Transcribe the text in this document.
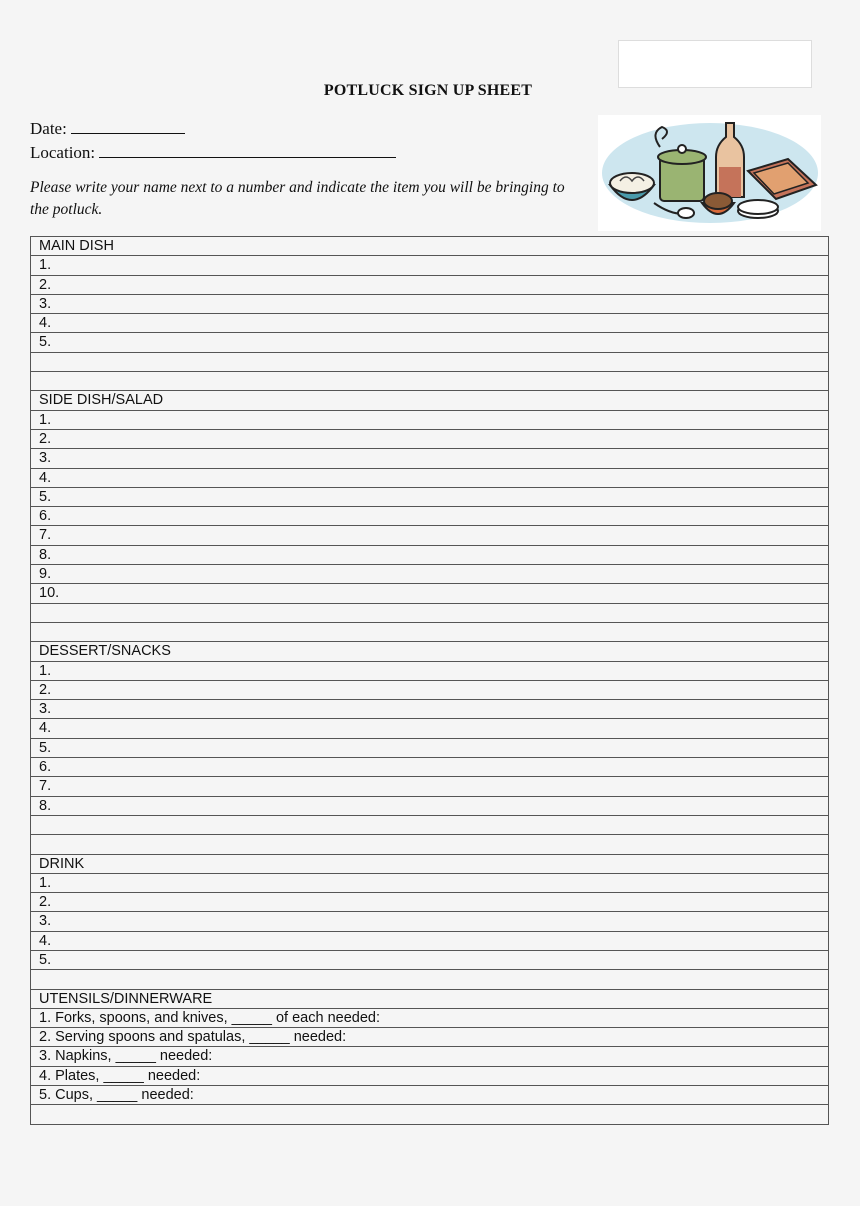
POTLUCK SIGN UP SHEET
Date:
Location:
Please write your name next to a number and indicate the item you will be bringing to the potluck.
MAIN DISH
1.
2.
3.
4.
5.
SIDE DISH/SALAD
1.
2.
3.
4.
5.
6.
7.
8.
9.
10.
DESSERT/SNACKS
1.
2.
3.
4.
5.
6.
7.
8.
DRINK
1.
2.
3.
4.
5.
UTENSILS/DINNERWARE
1. Forks, spoons, and knives, _____ of each needed:
2. Serving spoons and spatulas, _____ needed:
3. Napkins, _____ needed:
4. Plates, _____ needed:
5. Cups, _____ needed:
